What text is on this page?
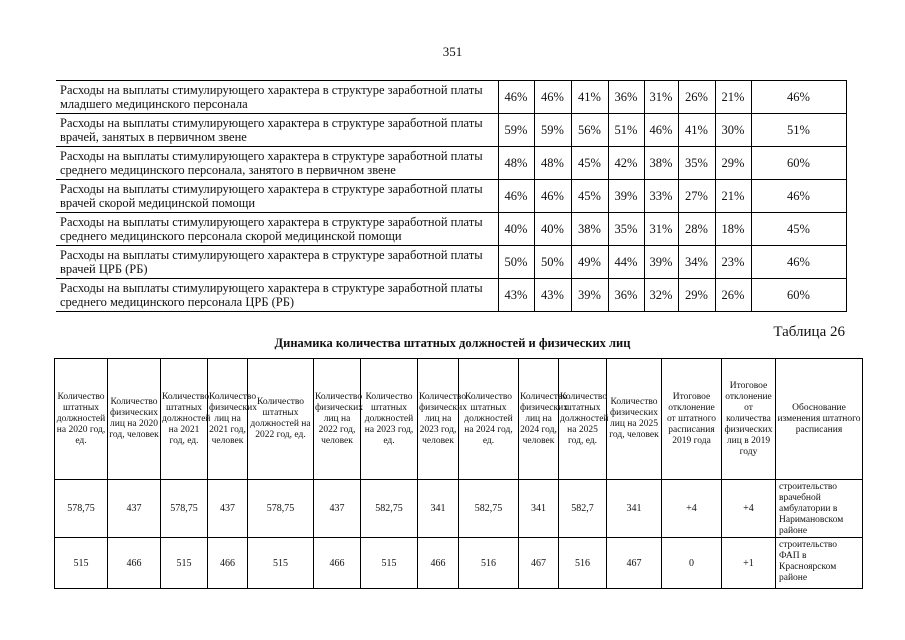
351
Расходы на выплаты стимулирующего характера в структуре заработной платы младшего медицинского персонала	46%	46%	41%	36%	31%	26%	21%	46%
Расходы на выплаты стимулирующего характера в структуре заработной платы врачей, занятых в первичном звене	59%	59%	56%	51%	46%	41%	30%	51%
Расходы на выплаты стимулирующего характера в структуре заработной платы среднего медицинского персонала, занятого в первичном звене	48%	48%	45%	42%	38%	35%	29%	60%
Расходы на выплаты стимулирующего характера в структуре заработной платы врачей скорой медицинской помощи	46%	46%	45%	39%	33%	27%	21%	46%
Расходы на выплаты стимулирующего характера в структуре заработной платы среднего медицинского персонала скорой медицинской помощи	40%	40%	38%	35%	31%	28%	18%	45%
Расходы на выплаты стимулирующего характера в структуре заработной платы врачей ЦРБ (РБ)	50%	50%	49%	44%	39%	34%	23%	46%
Расходы на выплаты стимулирующего характера в структуре заработной платы среднего медицинского персонала ЦРБ (РБ)	43%	43%	39%	36%	32%	29%	26%	60%
Таблица 26
Динамика количества штатных должностей и физических лиц
Количество штатных должностей на 2020 год, ед.	Количество физических лиц на 2020 год, человек	Количество штатных должностей на 2021 год, ед.	Количество физических лиц на 2021 год, человек	Количество штатных должностей на 2022 год, ед.	Количество физических лиц на 2022 год, человек	Количество штатных должностей на 2023 год, ед.	Количество физических лиц на 2023 год, человек	Количество штатных должностей на 2024 год, ед.	Количество физических лиц на 2024 год, человек	Количество штатных должностей на 2025 год, ед.	Количество физических лиц на 2025 год, человек	Итоговое отклонение от штатного расписания 2019 года	Итоговое отклонение от количества физических лиц в 2019 году	Обоснование изменения штатного расписания
578,75	437	578,75	437	578,75	437	582,75	341	582,75	341	582,7	341	+4	+4	строительство врачебной амбулатории в Наримановском районе
515	466	515	466	515	466	515	466	516	467	516	467	0	+1	строительство ФАП в Красноярском районе
